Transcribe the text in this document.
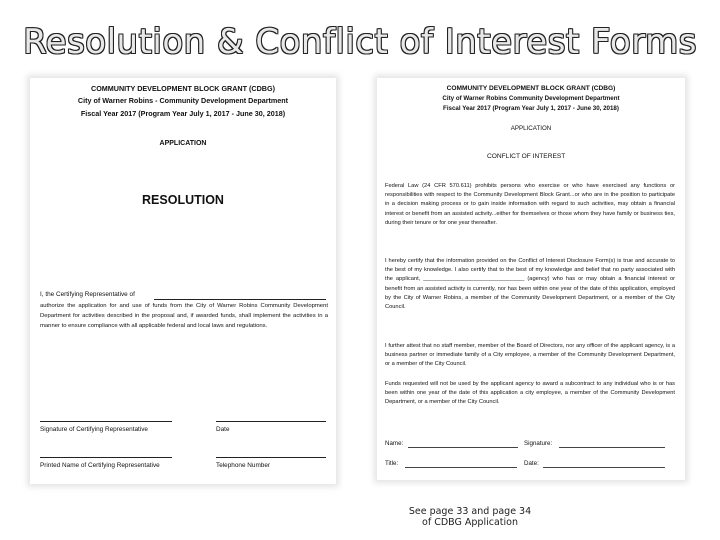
Resolution & Conflict of Interest Forms
COMMUNITY DEVELOPMENT BLOCK GRANT (CDBG)
City of Warner Robins - Community Development Department
Fiscal Year 2017 (Program Year July 1, 2017 - June 30, 2018)
APPLICATION
RESOLUTION
I, the Certifying Representative of
authorize the application for and use of funds from the City of Warner Robins Community Development Department for activities described in the proposal and, if awarded funds, shall implement the activities in a manner to ensure compliance with all applicable federal and local laws and regulations.
Signature of Certifying Representative	Date
Printed Name of Certifying Representative	Telephone Number
COMMUNITY DEVELOPMENT BLOCK GRANT (CDBG)
City of Warner Robins Community Development Department
Fiscal Year 2017 (Program Year July 1, 2017 - June 30, 2018)
APPLICATION
CONFLICT OF INTEREST
Federal Law (24 CFR 570.611) prohibits persons who exercise or who have exercised any functions or responsibilities with respect to the Community Development Block Grant...or who are in the position to participate in a decision making process or to gain inside information with regard to such activities, may obtain a financial interest or benefit from an assisted activity...either for themselves or those whom they have family or business ties, during their tenure or for one year thereafter.
I hereby certify that the information provided on the Conflict of Interest Disclosure Form(s) is true and accurate to the best of my knowledge. I also certify that to the best of my knowledge and belief that no party associated with the applicant, ________________________________ (agency) who has or may obtain a financial interest or benefit from an assisted activity is currently, nor has been within one year of the date of this application, employed by the City of Warner Robins, a member of the Community Development Department, or a member of the City Council.
I further attest that no staff member, member of the Board of Directors, nor any officer of the applicant agency, is a business partner or immediate family of a City employee, a member of the Community Development Department, or a member of the City Council.
Funds requested will not be used by the applicant agency to award a subcontract to any individual who is or has been within one year of the date of this application a city employee, a member of the Community Development Department, or a member of the City Council.
Name:	Signature:
Title:	Date:
See page 33 and page 34
of CDBG Application
